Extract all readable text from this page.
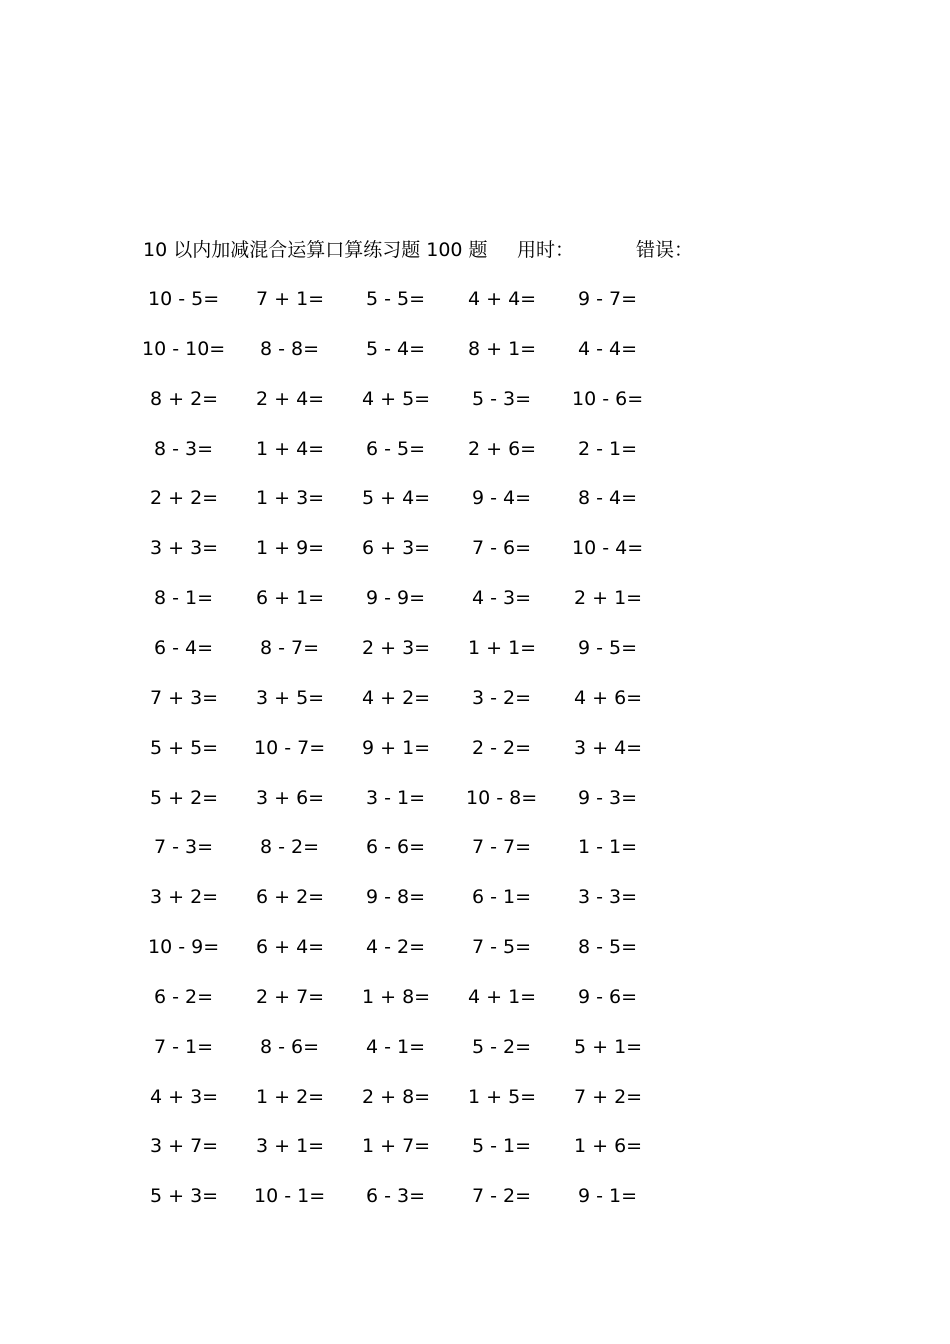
10 以内加减混合运算口算练习题 100 题 用时：	错误：
10 - 5= 7 + 1= 5 - 5= 4 + 4= 9 - 7=
10 - 10= 8 - 8= 5 - 4= 8 + 1= 4 - 4=
8 + 2= 2 + 4= 4 + 5= 5 - 3= 10 - 6=
8 - 3= 1 + 4= 6 - 5= 2 + 6= 2 - 1=
2 + 2= 1 + 3= 5 + 4= 9 - 4= 8 - 4=
3 + 3= 1 + 9= 6 + 3= 7 - 6= 10 - 4=
8 - 1= 6 + 1= 9 - 9= 4 - 3= 2 + 1=
6 - 4= 8 - 7= 2 + 3= 1 + 1= 9 - 5=
7 + 3= 3 + 5= 4 + 2= 3 - 2= 4 + 6=
5 + 5= 10 - 7= 9 + 1= 2 - 2= 3 + 4=
5 + 2= 3 + 6= 3 - 1= 10 - 8= 9 - 3=
7 - 3= 8 - 2= 6 - 6= 7 - 7= 1 - 1=
3 + 2= 6 + 2= 9 - 8= 6 - 1= 3 - 3=
10 - 9= 6 + 4= 4 - 2= 7 - 5= 8 - 5=
6 - 2= 2 + 7= 1 + 8= 4 + 1= 9 - 6=
7 - 1= 8 - 6= 4 - 1= 5 - 2= 5 + 1=
4 + 3= 1 + 2= 2 + 8= 1 + 5= 7 + 2=
3 + 7= 3 + 1= 1 + 7= 5 - 1= 1 + 6=
5 + 3= 10 - 1= 6 - 3= 7 - 2= 9 - 1=
